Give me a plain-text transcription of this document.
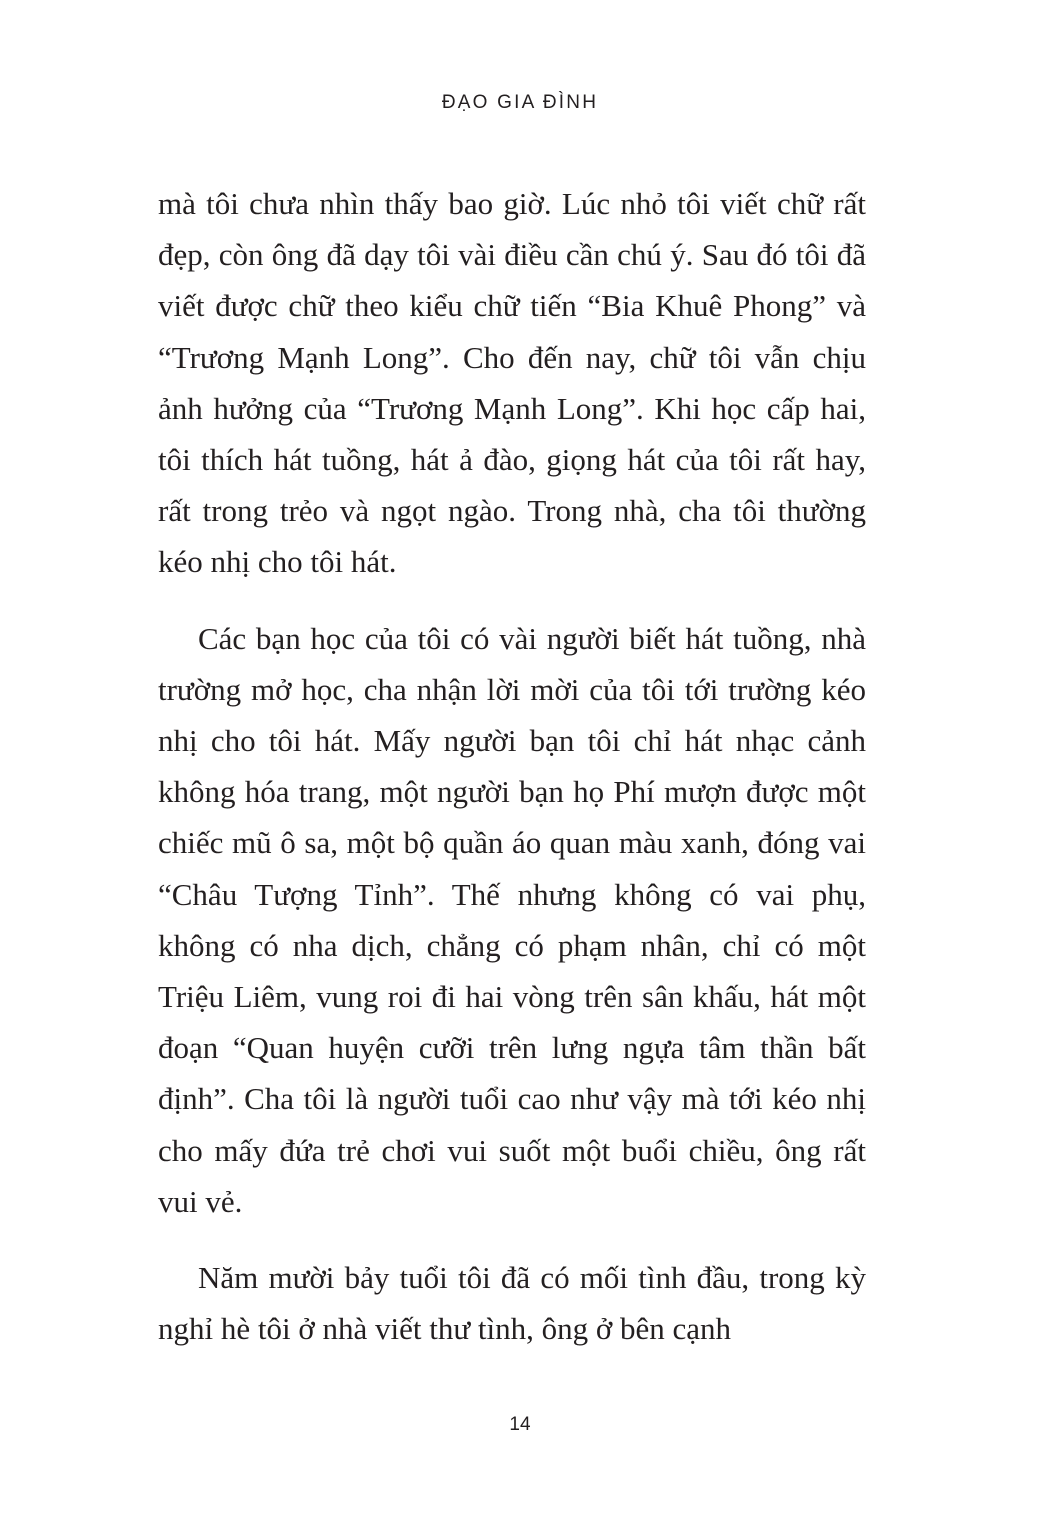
ĐẠO GIA ĐÌNH

mà tôi chưa nhìn thấy bao giờ. Lúc nhỏ tôi viết chữ rất đẹp, còn ông đã dạy tôi vài điều cần chú ý. Sau đó tôi đã viết được chữ theo kiểu chữ tiến “Bia Khuê Phong” và “Trương Mạnh Long”. Cho đến nay, chữ tôi vẫn chịu ảnh hưởng của “Trương Mạnh Long”. Khi học cấp hai, tôi thích hát tuồng, hát ả đào, giọng hát của tôi rất hay, rất trong trẻo và ngọt ngào. Trong nhà, cha tôi thường kéo nhị cho tôi hát.

Các bạn học của tôi có vài người biết hát tuồng, nhà trường mở học, cha nhận lời mời của tôi tới trường kéo nhị cho tôi hát. Mấy người bạn tôi chỉ hát nhạc cảnh không hóa trang, một người bạn họ Phí mượn được một chiếc mũ ô sa, một bộ quần áo quan màu xanh, đóng vai “Châu Tượng Tỉnh”. Thế nhưng không có vai phụ, không có nha dịch, chẳng có phạm nhân, chỉ có một Triệu Liêm, vung roi đi hai vòng trên sân khấu, hát một đoạn “Quan huyện cưỡi trên lưng ngựa tâm thần bất định”. Cha tôi là người tuổi cao như vậy mà tới kéo nhị cho mấy đứa trẻ chơi vui suốt một buổi chiều, ông rất vui vẻ.

Năm mười bảy tuổi tôi đã có mối tình đầu, trong kỳ nghỉ hè tôi ở nhà viết thư tình, ông ở bên cạnh

14
